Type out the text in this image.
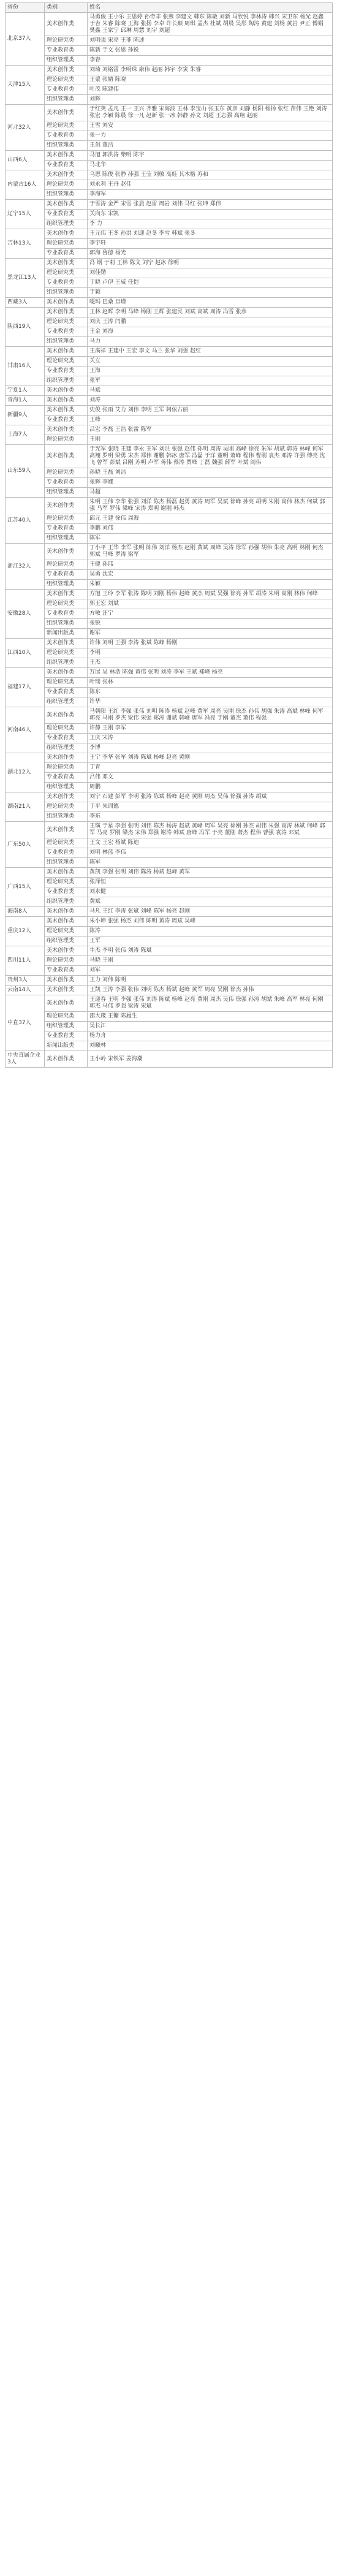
省份	类别	姓名
北京37人	美术创作类	马勇俊 王小乐 王思婷 孙奇丰 张燕 李建文 韩东 陈敏 刘新 马欣悦 李林涛 韩兴 宋卫东 杨光 赵鑫 于吉 朱睿 陈晓 王海 张扬 李卓 许长顺 周琪 孟杰 杜斌 胡晨 吴彤 陶涛 黄建 刘杨 黄岩 尹正 傅娟 樊鑫 王家宁 邱琳 周慧 刘宇 刘超
	理论研究类	刘明强 宋亮 王菲 陈述
	专业教育类	陈新 于文 张恩 孙锐
	组织管理类	李春
天津15人	美术创作类	刘琦 刘铭雷 李明珠 康伟 赵丽 韩宇 李寅 朱睿
	理论研究类	王蒙 张婧 陈晓
	专业教育类	叶茂 陈建伟
	组织管理类	刘辉
河北32人	美术创作类	于红英 孟凡 王一 王兴 齐雅 宋海波 王林 李宝山 张玉东 黄彦 刘静 杨阳 杨扬 张红 苗伟 王艳 刘涛 张宏 李颖 陈晨 徐一凡 赵新 张一冰 韩静 孙文 刘超 王志强 高翔 赵丽
	理论研究类	王雪 刘安
	专业教育类	张一力
	组织管理类	王剑 董浩
山西6人	美术创作类	马旭 郭洪涛 柴明 陈宇
	专业教育类	马北华
内蒙古16人	美术创作类	乌恩 陈俊 张静 孙强 王莹 刘敏 高娃 其木格 苏和
	理论研究类	刘永利 王丹 赵佳
	组织管理类	李海军
辽宁15人	美术创作类	于雪涛 金严 宋雪 张晨 赵雷 周岩 刘伟 马红 张坤 郑伟
	专业教育类	关向东 宋凯
	组织管理类	李 力
吉林13人	美术创作类	王元伟 王冬 孙洪 刘迎 赵冬 李雪 韩斌 张冬
	理论研究类	李宇轩
	专业教育类	郭海 鲁德 杨光
黑龙江13人	美术创作类	冯 钢 于莉 王林 陈文 刘宁 赵冰 徐明
	理论研究类	刘佳勋
	专业教育类	于晓 卢伊 王威 任恺
	组织管理类	于颖
西藏3人	美术创作类	嘎玛 巴桑 旦增
陕西19人	美术创作类	王林 赵晖 李明 马峰 杨刚 王辉 张建民 刘斌 高斌 周涛 冯雪 张彦
	理论研究类	刘庆 王涛 闫鹏
	专业教育类	王金 刘海
	组织管理类	马力
甘肃16人	美术创作类	王满祥 王建中 王宏 李文 马兰 张华 刘强 赵红
	理论研究类	关立
	专业教育类	王海
	组织管理类	张军
宁夏1人	美术创作类	马斌
青海1人	美术创作类	刘涛
新疆9人	美术创作类	史俊 张雨 艾力 刘伟 李明 王军 阿依古丽
	专业教育类	王峰
上海7人	美术创作类	吕宏 李磊 王浩 张雷 陈军
	理论研究类	王刚
山东59人	美术创作类	于光军 张晓 王建 李永 王军 刘洪 张强 赵伟 孙明 周涛 吴刚 高峰 徐亮 朱军 胡斌 郭涛 林峰 何军 高翔 罗明 梁勇 宋杰 郑伟 谢鹏 韩冰 唐军 冯磊 于洋 董明 萧峰 程伟 曹刚 袁杰 邓涛 许强 傅亮 沈飞 曾军 彭斌 吕刚 苏明 卢军 蒋伟 蔡涛 贾峰 丁磊 魏强 薛军 叶斌 阎伟
	理论研究类	孙晓 王磊 刘洁
	专业教育类	张辉 李娜
	组织管理类	马超
江苏40人	美术创作类	朱明 王伟 李华 张强 刘洋 陈杰 杨磊 赵勇 黄涛 周军 吴斌 徐峰 孙亮 胡明 朱刚 高伟 林杰 何斌 郭强 马军 罗伟 梁峰 宋涛 郑明 谢刚 韩杰
	理论研究类	邱元 王建 徐伟 周海
	专业教育类	李鹏 刘伟
	组织管理类	陈军
浙江32人	美术创作类	丁小平 王华 李军 张明 陈伟 刘洋 杨杰 赵刚 黄斌 周峰 吴涛 徐军 孙强 胡伟 朱亮 高明 林刚 何杰 郭斌 马峰 罗涛 梁军
	理论研究类	王健 孙玮
	专业教育类	吴勇 沈宏
	组织管理类	朱颖
安徽28人	美术创作类	方旭 王玲 李军 张涛 陈明 刘刚 杨伟 赵峰 黄杰 周斌 吴强 徐亮 孙军 胡涛 朱明 高刚 林伟 何峰
	理论研究类	郭玉宏 刘斌
	专业教育类	方敏 汪宁
	组织管理类	张锐
	新闻出版类	谢军
江西10人	美术创作类	许伟 刘明 王强 李涛 张斌 陈峰 杨刚
	理论研究类	李明
	组织管理类	王杰
福建17人	美术创作类	万展 吴 林浩 陈强 黄伟 张明 刘涛 李军 王斌 郑峰 杨亮
	理论研究类	叶瑞 张林
	专业教育类	陈东
	组织管理类	许华
河南46人	美术创作类	马朝阳 王红 李强 张伟 刘明 陈涛 杨斌 赵峰 黄军 周亮 吴刚 徐杰 孙伟 胡强 朱涛 高斌 林峰 何军 郭亮 马刚 罗杰 梁伟 宋强 郑涛 谢斌 韩峰 唐军 冯亮 于刚 董杰 萧伟 程强
	理论研究类	许静 王刚 李军
	专业教育类	王庆 宋涛
	组织管理类	李博
湖北12人	美术创作类	王宁 李华 张军 刘涛 陈斌 杨峰 赵亮 黄刚
	理论研究类	丁青
	专业教育类	吕伟 邓文
	组织管理类	周鹏
湖南21人	美术创作类	刘宁 石建 彭军 李明 张涛 陈斌 杨峰 赵亮 黄刚 周杰 吴伟 徐强 孙涛 胡斌
	理论研究类	于平 朱训德
	组织管理类	李东
广东50人	美术创作类	王璜 于星 李强 张明 刘伟 陈杰 杨涛 赵斌 黄峰 周军 吴亮 徐刚 孙杰 胡伟 朱强 高涛 林斌 何峰 郭军 马亮 罗刚 梁杰 宋伟 郑强 谢涛 韩斌 唐峰 冯军 于亮 董刚 萧杰 程伟 曹强 袁涛 邓斌
	理论研究类	王文 王宏 杨斌 陈迪
	专业教育类	刘明 林蓝 李伟
	组织管理类	陈军
广西15人	美术创作类	黄凯 李强 张明 刘伟 陈涛 杨斌 赵峰 黄军
	理论研究类	张泽恒
	专业教育类	刘永健
	组织管理类	黄斌
海南8人	美术创作类	马凡 王红 李涛 张斌 刘峰 陈军 杨亮 赵刚
重庆12人	美术创作类	朱小坤 张强 杨杰 刘伟 陈明 黄涛 周斌 吴峰
	理论研究类	陈涛
	组织管理类	王军
四川11人	美术创作类	牛杰 李明 张伟 刘涛 陈斌
	理论研究类	马晓 王刚
	专业教育类	刘军
贵州3人	美术创作类	王力 刘伟 陈明
云南14人	美术创作类	王凯 王涛 李强 张伟 刘明 陈杰 杨斌 赵峰 黄军 周亮 吴刚 徐杰 孙伟
中直37人	美术创作类	王迎春 王明 李强 张伟 刘涛 陈斌 杨峰 赵亮 黄刚 周杰 吴伟 徐强 孙涛 胡斌 朱峰 高军 林亮 何刚 郭杰 马伟 罗强 梁涛 宋斌
	理论研究类	邵大箴 王镛 陈履生
	组织管理类	吴长江
	专业教育类	杨力舟
	新闻出版类	刘曦林
中央直属企业3人	美术创作类	王小岭 宋铁军 姜海潮
